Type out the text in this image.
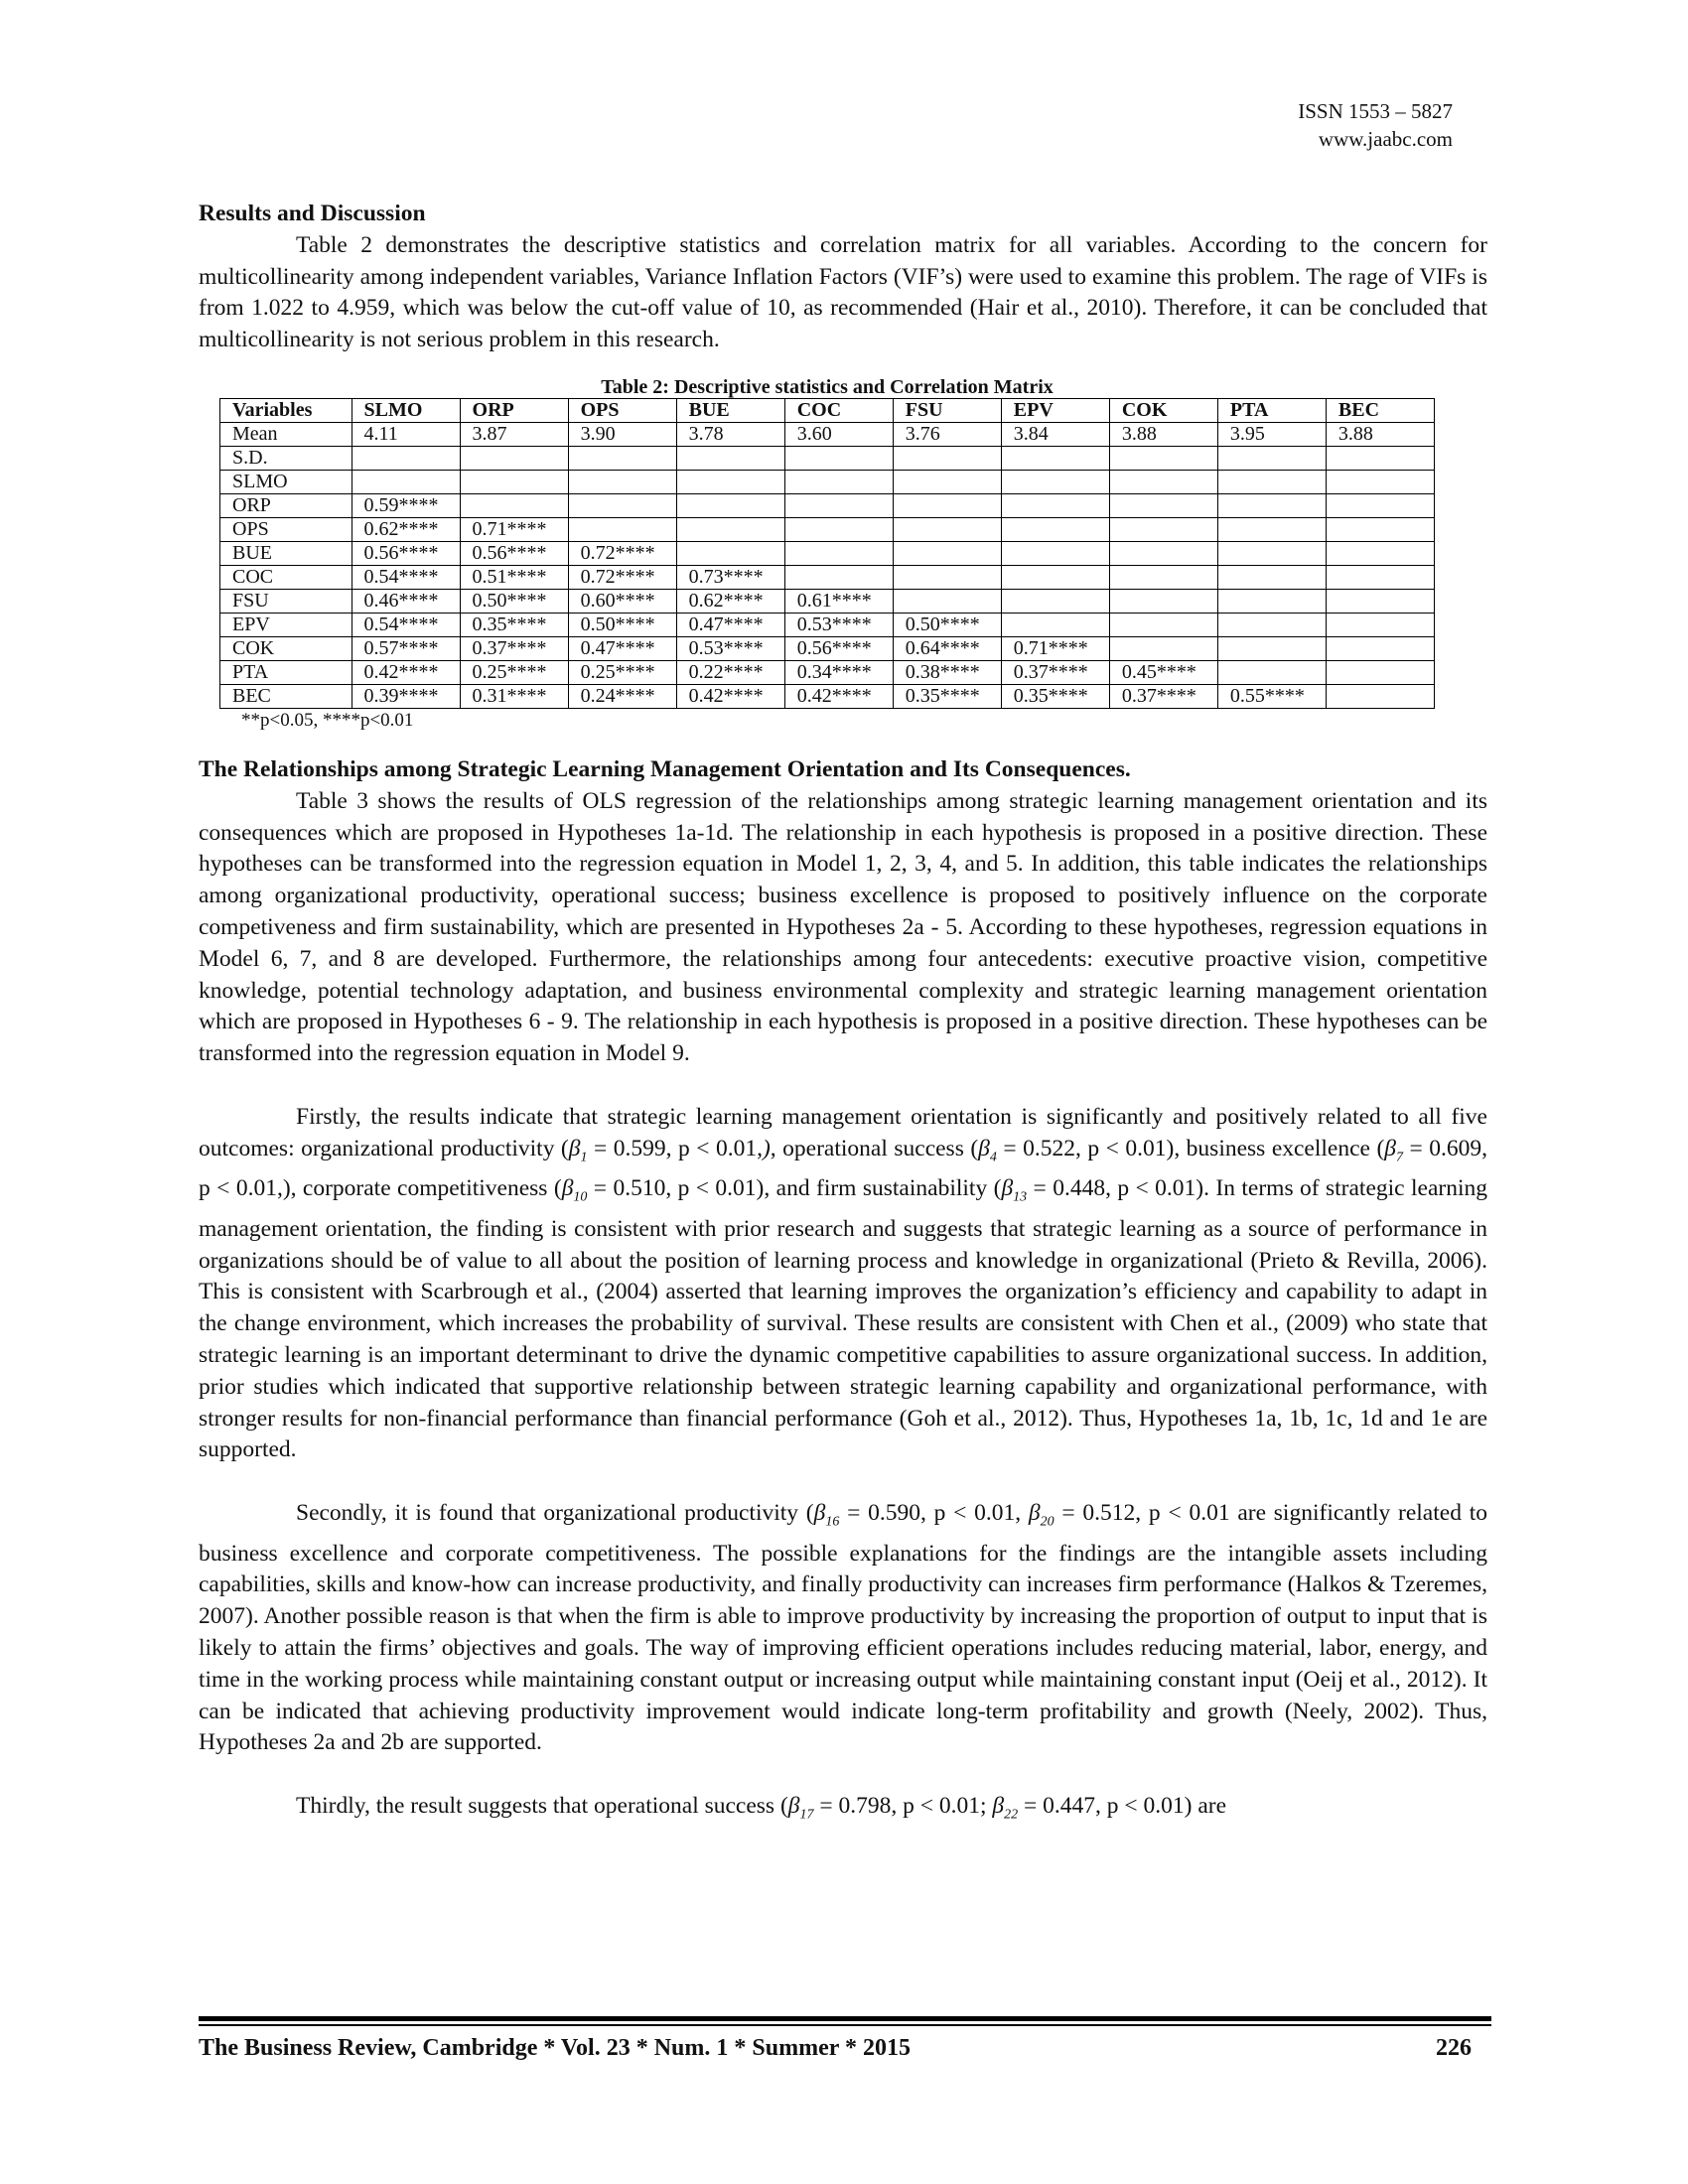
ISSN 1553 – 5827
www.jaabc.com
Results and Discussion

Table 2 demonstrates the descriptive statistics and correlation matrix for all variables. According to the concern for multicollinearity among independent variables, Variance Inflation Factors (VIF’s) were used to examine this problem. The rage of VIFs is from 1.022 to 4.959, which was below the cut-off value of 10, as recommended (Hair et al., 2010). Therefore, it can be concluded that multicollinearity is not serious problem in this research.

Table 2: Descriptive statistics and Correlation Matrix
Variables	SLMO	ORP	OPS	BUE	COC	FSU	EPV	COK	PTA	BEC
Mean	4.11	3.87	3.90	3.78	3.60	3.76	3.84	3.88	3.95	3.88
S.D.										
SLMO										
ORP	0.59****									
OPS	0.62****	0.71****								
BUE	0.56****	0.56****	0.72****							
COC	0.54****	0.51****	0.72****	0.73****						
FSU	0.46****	0.50****	0.60****	0.62****	0.61****					
EPV	0.54****	0.35****	0.50****	0.47****	0.53****	0.50****				
COK	0.57****	0.37****	0.47****	0.53****	0.56****	0.64****	0.71****			
PTA	0.42****	0.25****	0.25****	0.22****	0.34****	0.38****	0.37****	0.45****		
BEC	0.39****	0.31****	0.24****	0.42****	0.42****	0.35****	0.35****	0.37****	0.55****	
**p<0.05, ****p<0.01
The Relationships among Strategic Learning Management Orientation and Its Consequences.

Table 3 shows the results of OLS regression of the relationships among strategic learning management orientation and its consequences which are proposed in Hypotheses 1a-1d. The relationship in each hypothesis is proposed in a positive direction. These hypotheses can be transformed into the regression equation in Model 1, 2, 3, 4, and 5. In addition, this table indicates the relationships among organizational productivity, operational success; business excellence is proposed to positively influence on the corporate competiveness and firm sustainability, which are presented in Hypotheses 2a - 5. According to these hypotheses, regression equations in Model 6, 7, and 8 are developed. Furthermore, the relationships among four antecedents: executive proactive vision, competitive knowledge, potential technology adaptation, and business environmental complexity and strategic learning management orientation which are proposed in Hypotheses 6 - 9. The relationship in each hypothesis is proposed in a positive direction. These hypotheses can be transformed into the regression equation in Model 9.

Firstly, the results indicate that strategic learning management orientation is significantly and positively related to all five outcomes: organizational productivity ($\beta_1 = 0.599$, p < 0.01,), operational success ($\beta_4 = 0.522$, p < 0.01), business excellence ($\beta_7 = 0.609$, p < 0.01,), corporate competitiveness ($\beta_{10} = 0.510$, p < 0.01), and firm sustainability ($\beta_{13} = 0.448$, p < 0.01). In terms of strategic learning management orientation, the finding is consistent with prior research and suggests that strategic learning as a source of performance in organizations should be of value to all about the position of learning process and knowledge in organizational (Prieto & Revilla, 2006). This is consistent with Scarbrough et al., (2004) asserted that learning improves the organization’s efficiency and capability to adapt in the change environment, which increases the probability of survival. These results are consistent with Chen et al., (2009) who state that strategic learning is an important determinant to drive the dynamic competitive capabilities to assure organizational success. In addition, prior studies which indicated that supportive relationship between strategic learning capability and organizational performance, with stronger results for non-financial performance than financial performance (Goh et al., 2012). Thus, Hypotheses 1a, 1b, 1c, 1d and 1e are supported.

Secondly, it is found that organizational productivity ($\beta_{16} = 0.590$, p < 0.01, $\beta_{20} = 0.512$, p < 0.01 are significantly related to business excellence and corporate competitiveness. The possible explanations for the findings are the intangible assets including capabilities, skills and know-how can increase productivity, and finally productivity can increases firm performance (Halkos & Tzeremes, 2007). Another possible reason is that when the firm is able to improve productivity by increasing the proportion of output to input that is likely to attain the firms’ objectives and goals. The way of improving efficient operations includes reducing material, labor, energy, and time in the working process while maintaining constant output or increasing output while maintaining constant input (Oeij et al., 2012). It can be indicated that achieving productivity improvement would indicate long-term profitability and growth (Neely, 2002). Thus, Hypotheses 2a and 2b are supported.

Thirdly, the result suggests that operational success ($\beta_{17} = 0.798$, p < 0.01; $\beta_{22} = 0.447$, p < 0.01) are

The Business Review, Cambridge * Vol. 23 * Num. 1 * Summer * 2015	226
